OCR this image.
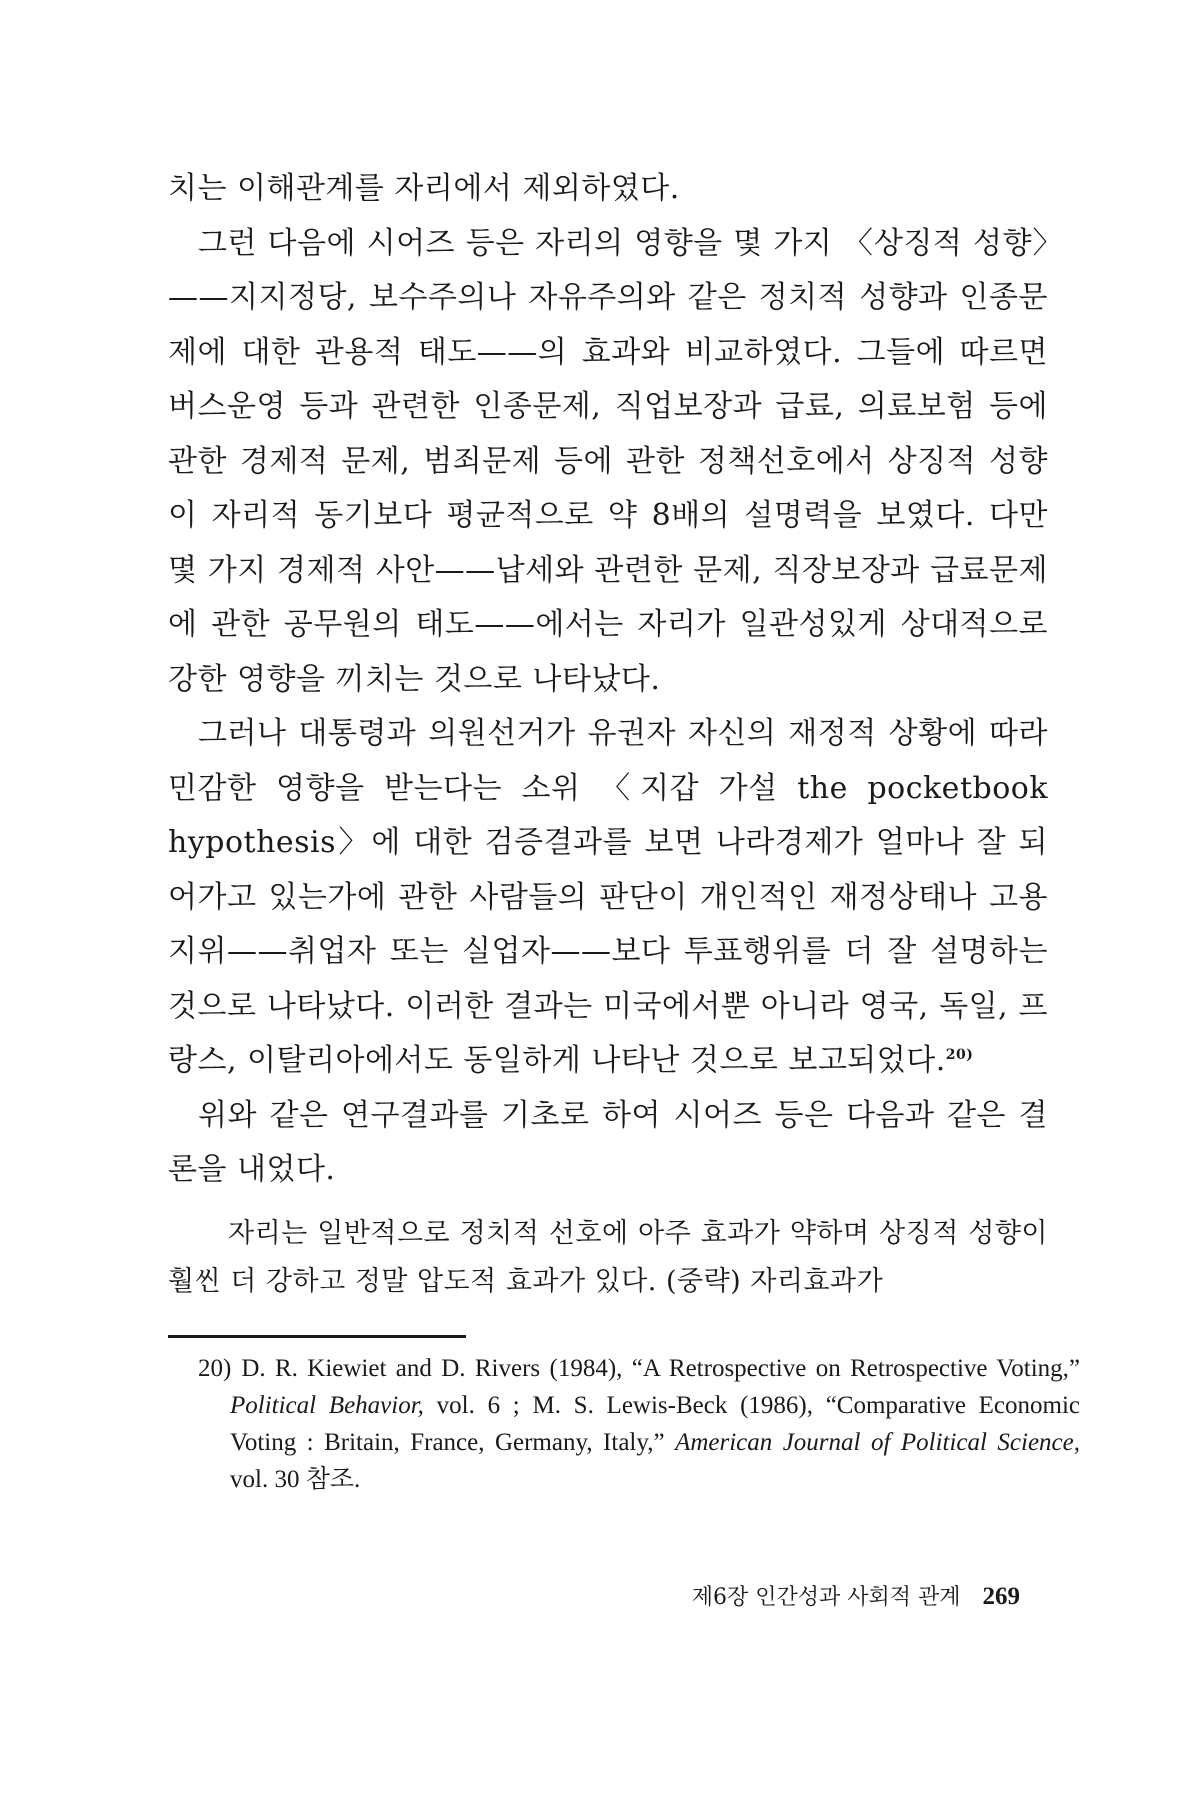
치는 이해관계를 자리에서 제외하였다.

그런 다음에 시어즈 등은 자리의 영향을 몇 가지 〈상징적 성향〉——지지정당, 보수주의나 자유주의와 같은 정치적 성향과 인종문제에 대한 관용적 태도——의 효과와 비교하였다. 그들에 따르면 버스운영 등과 관련한 인종문제, 직업보장과 급료, 의료보험 등에 관한 경제적 문제, 범죄문제 등에 관한 정책선호에서 상징적 성향이 자리적 동기보다 평균적으로 약 8배의 설명력을 보였다. 다만 몇 가지 경제적 사안——납세와 관련한 문제, 직장보장과 급료문제에 관한 공무원의 태도——에서는 자리가 일관성있게 상대적으로 강한 영향을 끼치는 것으로 나타났다.

그러나 대통령과 의원선거가 유권자 자신의 재정적 상황에 따라 민감한 영향을 받는다는 소위 〈지갑 가설 the pocketbook hypothesis〉에 대한 검증결과를 보면 나라경제가 얼마나 잘 되어가고 있는가에 관한 사람들의 판단이 개인적인 재정상태나 고용지위——취업자 또는 실업자——보다 투표행위를 더 잘 설명하는 것으로 나타났다. 이러한 결과는 미국에서뿐 아니라 영국, 독일, 프랑스, 이탈리아에서도 동일하게 나타난 것으로 보고되었다.$^{20)}$

위와 같은 연구결과를 기초로 하여 시어즈 등은 다음과 같은 결론을 내었다.

자리는 일반적으로 정치적 선호에 아주 효과가 약하며 상징적 성향이 훨씬 더 강하고 정말 압도적 효과가 있다. (중략) 자리효과가

20) D. R. Kiewiet and D. Rivers (1984), “A Retrospective on Retrospective Voting,” Political Behavior, vol. 6 ; M. S. Lewis-Beck (1986), “Comparative Economic Voting : Britain, France, Germany, Italy,” American Journal of Political Science, vol. 30 참조.

제6장 인간성과 사회적 관계 269
